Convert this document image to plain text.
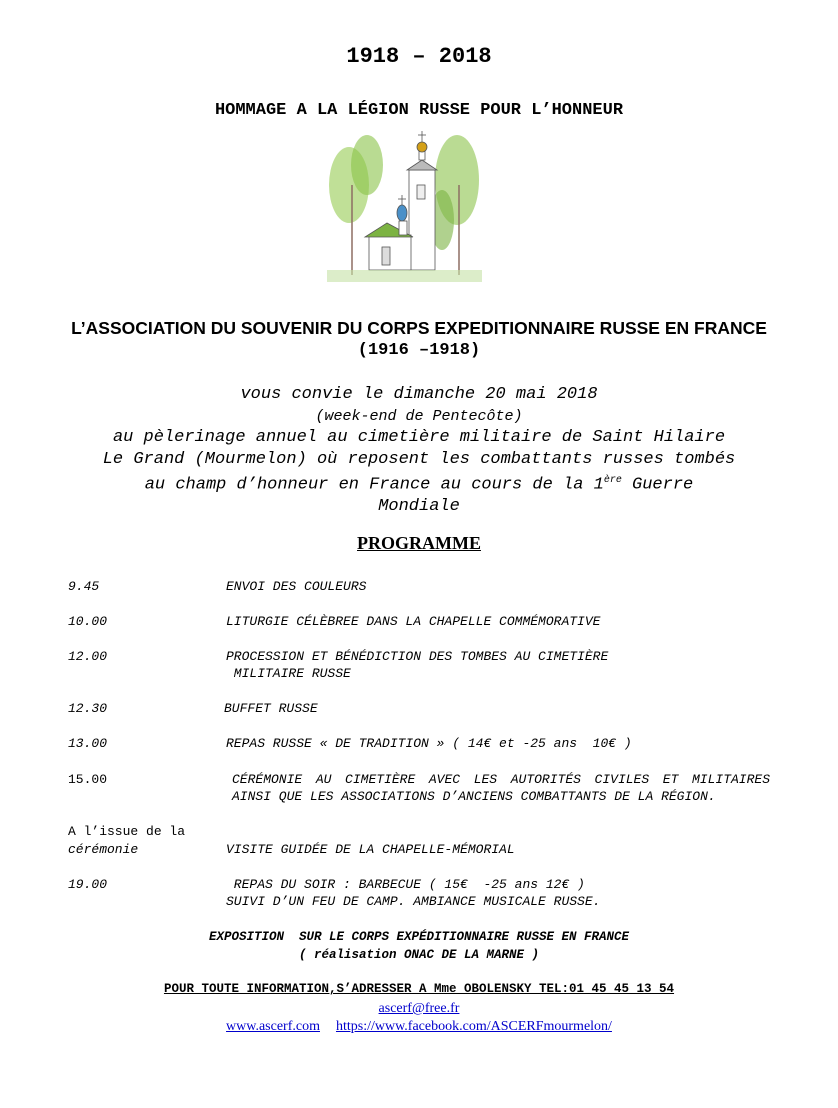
1918 – 2018
HOMMAGE A LA LÉGION RUSSE POUR L’HONNEUR
L’ASSOCIATION DU SOUVENIR DU CORPS EXPEDITIONNAIRE RUSSE EN FRANCE
(1916 –1918)
vous convie le dimanche 20 mai 2018
(week-end de Pentecôte)
au pèlerinage annuel au cimetière militaire de Saint Hilaire
Le Grand (Mourmelon) où reposent les combattants russes tombés
au champ d’honneur en France au cours de la 1ère Guerre
Mondiale
PROGRAMME
9.45	ENVOI DES COULEURS
10.00	LITURGIE CÉLÈBREE DANS LA CHAPELLE COMMÉMORATIVE
12.00	PROCESSION ET BÉNÉDICTION DES TOMBES AU CIMETIÈRE
MILITAIRE RUSSE
12.30	BUFFET RUSSE
13.00	REPAS RUSSE « DE TRADITION » ( 14€ et -25 ans  10€ )
15.00	CÉRÉMONIE AU CIMETIÈRE AVEC LES AUTORITÉS CIVILES ET MILITAIRES AINSI QUE LES ASSOCIATIONS D’ANCIENS COMBATTANTS DE LA RÉGION.
A l’issue de la
cérémonie	VISITE GUIDÉE DE LA CHAPELLE-MÉMORIAL
19.00	REPAS DU SOIR : BARBECUE ( 15€  -25 ans 12€ )
SUIVI D’UN FEU DE CAMP. AMBIANCE MUSICALE RUSSE.
EXPOSITION  SUR LE CORPS EXPÉDITIONNAIRE RUSSE EN FRANCE
( réalisation ONAC DE LA MARNE )
POUR TOUTE INFORMATION,S’ADRESSER A Mme OBOLENSKY TEL:01 45 45 13 54
ascerf@free.fr
www.ascerf.com https://www.facebook.com/ASCERFmourmelon/
